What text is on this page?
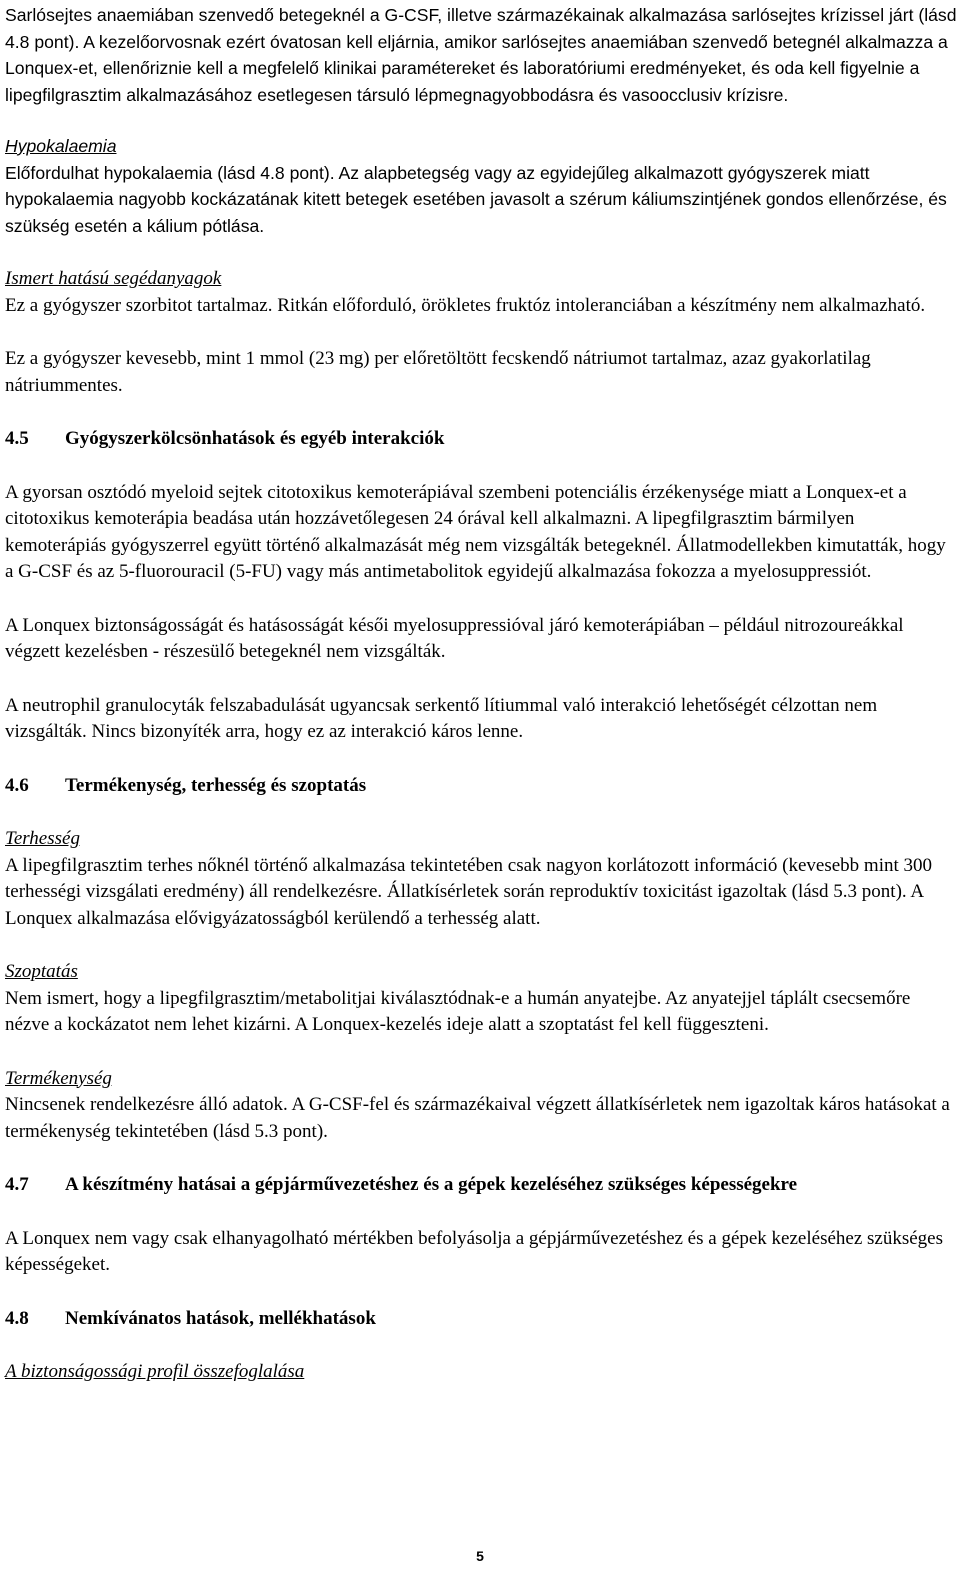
Sarlósejtes anaemiában szenvedő betegeknél a G-CSF, illetve származékainak alkalmazása sarlósejtes krízissel járt (lásd 4.8 pont). A kezelőorvosnak ezért óvatosan kell eljárnia, amikor sarlósejtes anaemiában szenvedő betegnél alkalmazza a Lonquex-et, ellenőriznie kell a megfelelő klinikai paramétereket és laboratóriumi eredményeket, és oda kell figyelnie a lipegfilgrasztim alkalmazásához esetlegesen társuló lépmegnagyobbodásra és vasoocclusiv krízisre.

Hypokalaemia

Előfordulhat hypokalaemia (lásd 4.8 pont). Az alapbetegség vagy az egyidejűleg alkalmazott gyógyszerek miatt hypokalaemia nagyobb kockázatának kitett betegek esetében javasolt a szérum káliumszintjének gondos ellenőrzése, és szükség esetén a kálium pótlása.

Ismert hatású segédanyagok

Ez a gyógyszer szorbitot tartalmaz. Ritkán előforduló, örökletes fruktóz intoleranciában a készítmény nem alkalmazható.

Ez a gyógyszer kevesebb, mint 1 mmol (23 mg) per előretöltött fecskendő nátriumot tartalmaz, azaz gyakorlatilag nátriummentes.

4.5	Gyógyszerkölcsönhatások és egyéb interakciók

A gyorsan osztódó myeloid sejtek citotoxikus kemoterápiával szembeni potenciális érzékenysége miatt a Lonquex-et a citotoxikus kemoterápia beadása után hozzávetőlegesen 24 órával kell alkalmazni. A lipegfilgrasztim bármilyen kemoterápiás gyógyszerrel együtt történő alkalmazását még nem vizsgálták betegeknél. Állatmodellekben kimutatták, hogy a G-CSF és az 5-fluorouracil (5-FU) vagy más antimetabolitok egyidejű alkalmazása fokozza a myelosuppressiót.

A Lonquex biztonságosságát és hatásosságát késői myelosuppressióval járó kemoterápiában – például nitrozoureákkal végzett kezelésben - részesülő betegeknél nem vizsgálták.

A neutrophil granulocyták felszabadulását ugyancsak serkentő lítiummal való interakció lehetőségét célzottan nem vizsgálták. Nincs bizonyíték arra, hogy ez az interakció káros lenne.

4.6	Termékenység, terhesség és szoptatás

Terhesség

A lipegfilgrasztim terhes nőknél történő alkalmazása tekintetében csak nagyon korlátozott információ (kevesebb mint 300 terhességi vizsgálati eredmény) áll rendelkezésre. Állatkísérletek során reproduktív toxicitást igazoltak (lásd 5.3 pont). A Lonquex alkalmazása elővigyázatosságból kerülendő a terhesség alatt.

Szoptatás

Nem ismert, hogy a lipegfilgrasztim/metabolitjai kiválasztódnak-e a humán anyatejbe. Az anyatejjel táplált csecsemőre nézve a kockázatot nem lehet kizárni. A Lonquex-kezelés ideje alatt a szoptatást fel kell függeszteni.

Termékenység

Nincsenek rendelkezésre álló adatok. A G-CSF-fel és származékaival végzett állatkísérletek nem igazoltak káros hatásokat a termékenység tekintetében (lásd 5.3 pont).

4.7	A készítmény hatásai a gépjárművezetéshez és a gépek kezeléséhez szükséges képességekre

A Lonquex nem vagy csak elhanyagolható mértékben befolyásolja a gépjárművezetéshez és a gépek kezeléséhez szükséges képességeket.

4.8	Nemkívánatos hatások, mellékhatások

A biztonságossági profil összefoglalása

5
